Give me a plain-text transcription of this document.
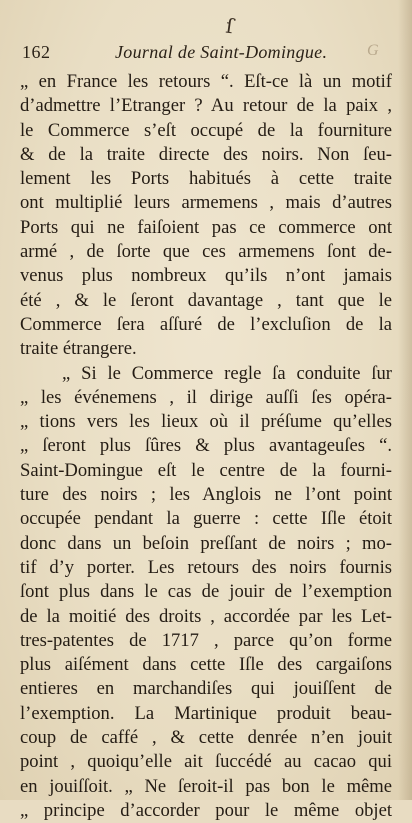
ſ
162	Journal de Saint-Domingue. G
„ en France les retours “. Eſt-ce là un motif
d’admettre l’Etranger ? Au retour de la paix ,
le Commerce s’eſt occupé de la fourniture
& de la traite directe des noirs. Non ſeu-
lement les Ports habitués à cette traite
ont multiplié leurs armemens , mais d’autres
Ports qui ne faiſoient pas ce commerce ont
armé , de ſorte que ces armemens ſont de-
venus plus nombreux qu’ils n’ont jamais
été , & le ſeront davantage , tant que le
Commerce ſera aſſuré de l’excluſion de la
traite étrangere.
„ Si le Commerce regle ſa conduite ſur
„ les événemens , il dirige auſſi ſes opéra-
„ tions vers les lieux où il préſume qu’elles
„ ſeront plus ſûres & plus avantageuſes “.
Saint-Domingue eſt le centre de la fourni-
ture des noirs ; les Anglois ne l’ont point
occupée pendant la guerre : cette Iſle étoit
donc dans un beſoin preſſant de noirs ; mo-
tif d’y porter. Les retours des noirs fournis
ſont plus dans le cas de jouir de l’exemption
de la moitié des droits , accordée par les Let-
tres-patentes de 1717 , parce qu’on forme
plus aiſément dans cette Iſle des cargaiſons
entieres en marchandiſes qui jouiſſent de
l’exemption. La Martinique produit beau-
coup de caffé , & cette denrée n’en jouit
point , quoiqu’elle ait ſuccédé au cacao qui
en jouiſſoit. „ Ne ſeroit-il pas bon le même
„ principe d’accorder pour le même objet
